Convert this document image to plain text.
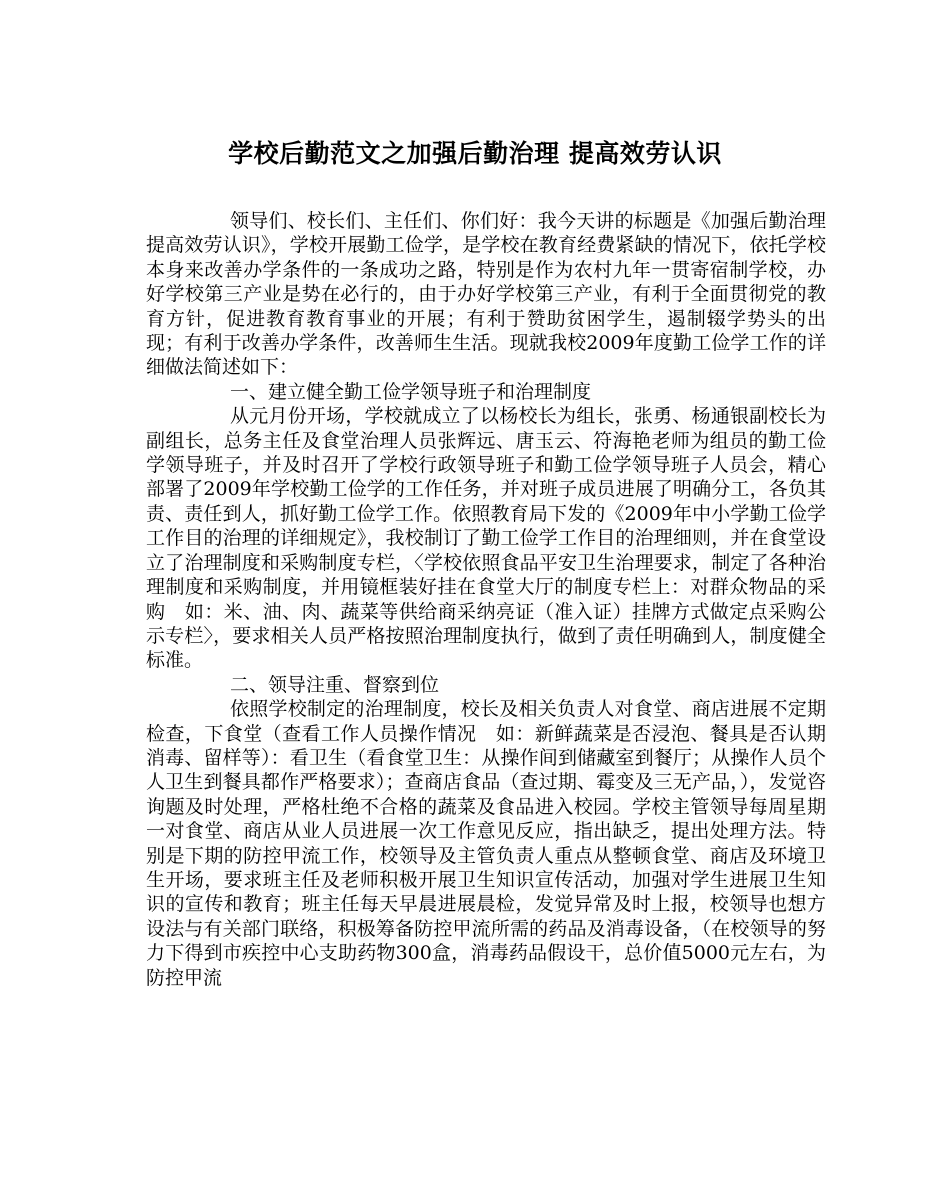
学校后勤范文之加强后勤治理 提高效劳认识

领导们、校长们、主任们、你们好：我今天讲的标题是《加强后勤治理　　提高效劳认识》，学校开展勤工俭学，是学校在教育经费紧缺的情况下，依托学校本身来改善办学条件的一条成功之路，特别是作为农村九年一贯寄宿制学校，办好学校第三产业是势在必行的，由于办好学校第三产业，有利于全面贯彻党的教育方针，促进教育教育事业的开展；有利于赞助贫困学生，遏制辍学势头的出现；有利于改善办学条件，改善师生生活。现就我校2009年度勤工俭学工作的详细做法简述如下：

一、建立健全勤工俭学领导班子和治理制度

从元月份开场，学校就成立了以杨校长为组长，张勇、杨通银副校长为副组长，总务主任及食堂治理人员张辉远、唐玉云、符海艳老师为组员的勤工俭学领导班子，并及时召开了学校行政领导班子和勤工俭学领导班子人员会，精心部署了2009年学校勤工俭学的工作任务，并对班子成员进展了明确分工，各负其责、责任到人，抓好勤工俭学工作。依照教育局下发的《2009年中小学勤工俭学工作目的治理的详细规定》，我校制订了勤工俭学工作目的治理细则，并在食堂设立了治理制度和采购制度专栏，〈学校依照食品平安卫生治理要求，制定了各种治理制度和采购制度，并用镜框装好挂在食堂大厅的制度专栏上：对群众物品的采购　如：米、油、肉、蔬菜等供给商采纳亮证（准入证）挂牌方式做定点采购公示专栏〉，要求相关人员严格按照治理制度执行，做到了责任明确到人，制度健全标准。

二、领导注重、督察到位

依照学校制定的治理制度，校长及相关负责人对食堂、商店进展不定期检查，下食堂（查看工作人员操作情况　如：新鲜蔬菜是否浸泡、餐具是否认期消毒、留样等）：看卫生（看食堂卫生：从操作间到储藏室到餐厅；从操作人员个人卫生到餐具都作严格要求）；查商店食品（查过期、霉变及三无产品，），发觉咨询题及时处理，严格杜绝不合格的蔬菜及食品进入校园。学校主管领导每周星期一对食堂、商店从业人员进展一次工作意见反应，指出缺乏，提出处理方法。特别是下期的防控甲流工作，校领导及主管负责人重点从整顿食堂、商店及环境卫生开场，要求班主任及老师积极开展卫生知识宣传活动，加强对学生进展卫生知识的宣传和教育；班主任每天早晨进展晨检，发觉异常及时上报，校领导也想方设法与有关部门联络，积极筹备防控甲流所需的药品及消毒设备，（在校领导的努力下得到市疾控中心支助药物300盒，消毒药品假设干，总价值5000元左右，为防控甲流
